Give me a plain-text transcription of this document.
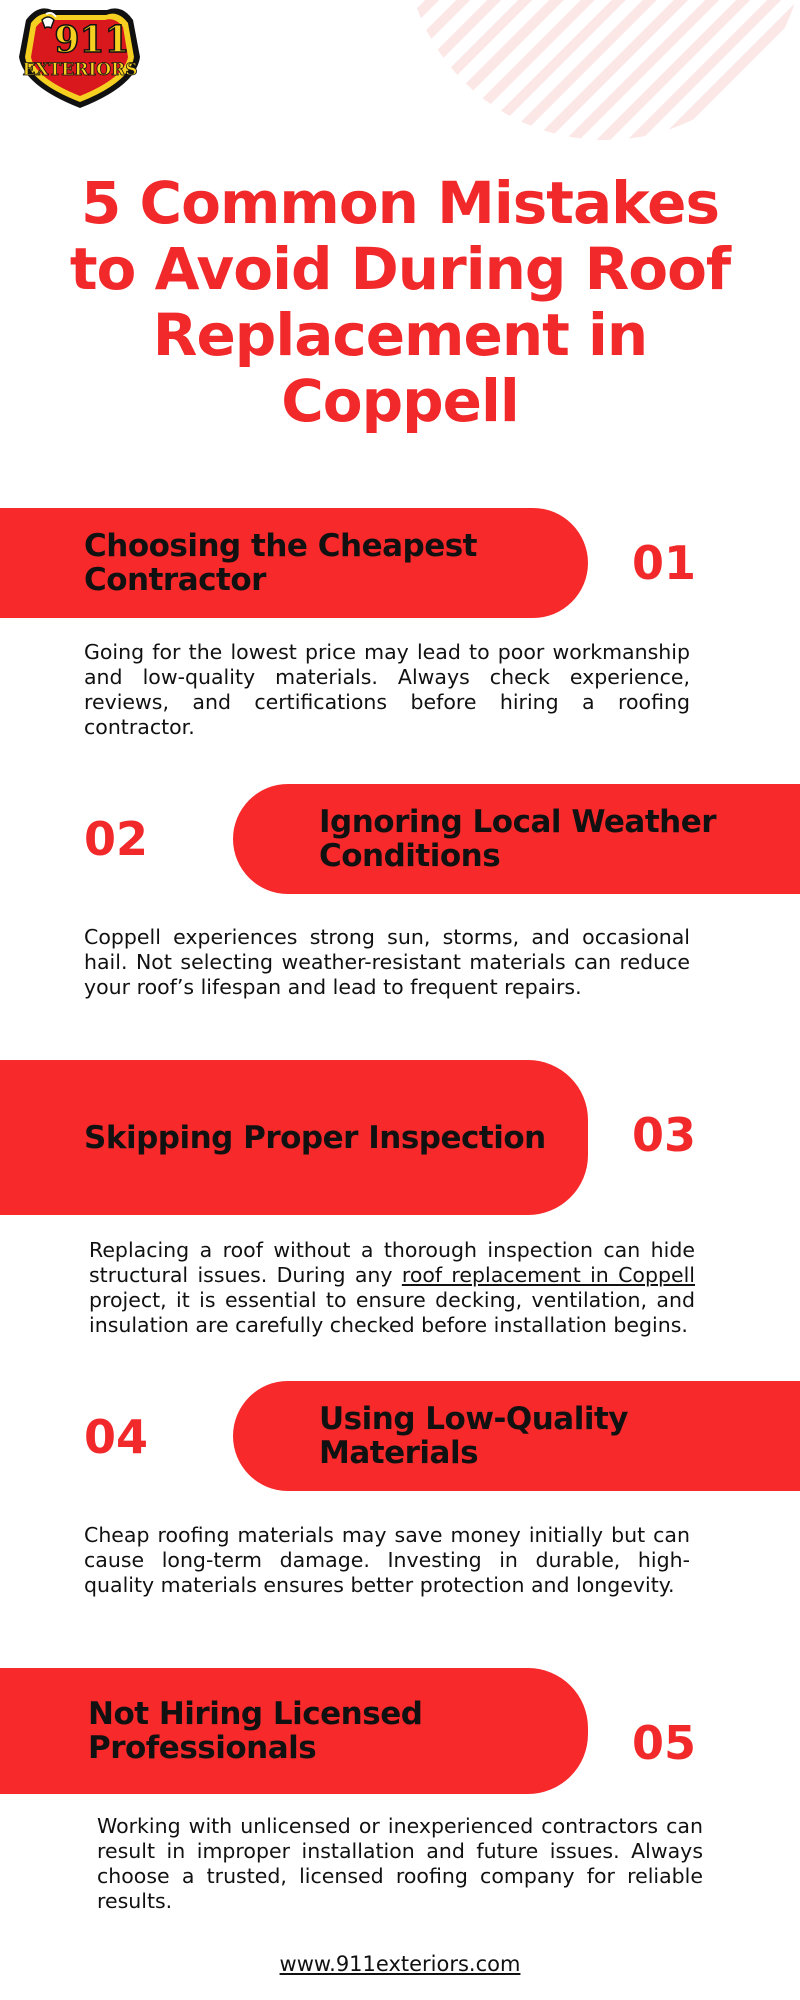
911
EXTERIORS
5 Common Mistakes to Avoid During Roof Replacement in Coppell
Choosing the Cheapest Contractor	01

Going for the lowest price may lead to poor workmanship and low-quality materials. Always check experience, reviews, and certifications before hiring a roofing contractor.

02	Ignoring Local Weather Conditions

Coppell experiences strong sun, storms, and occasional hail. Not selecting weather-resistant materials can reduce your roof’s lifespan and lead to frequent repairs.

Skipping Proper Inspection 03

Replacing a roof without a thorough inspection can hide structural issues. During any roof replacement in Coppell project, it is essential to ensure decking, ventilation, and insulation are carefully checked before installation begins.

04	Using Low-Quality Materials

Cheap roofing materials may save money initially but can cause long-term damage. Investing in durable, high-quality materials ensures better protection and longevity.

Not Hiring Licensed Professionals	05

Working with unlicensed or inexperienced contractors can result in improper installation and future issues. Always choose a trusted, licensed roofing company for reliable results.

www.911exteriors.com
